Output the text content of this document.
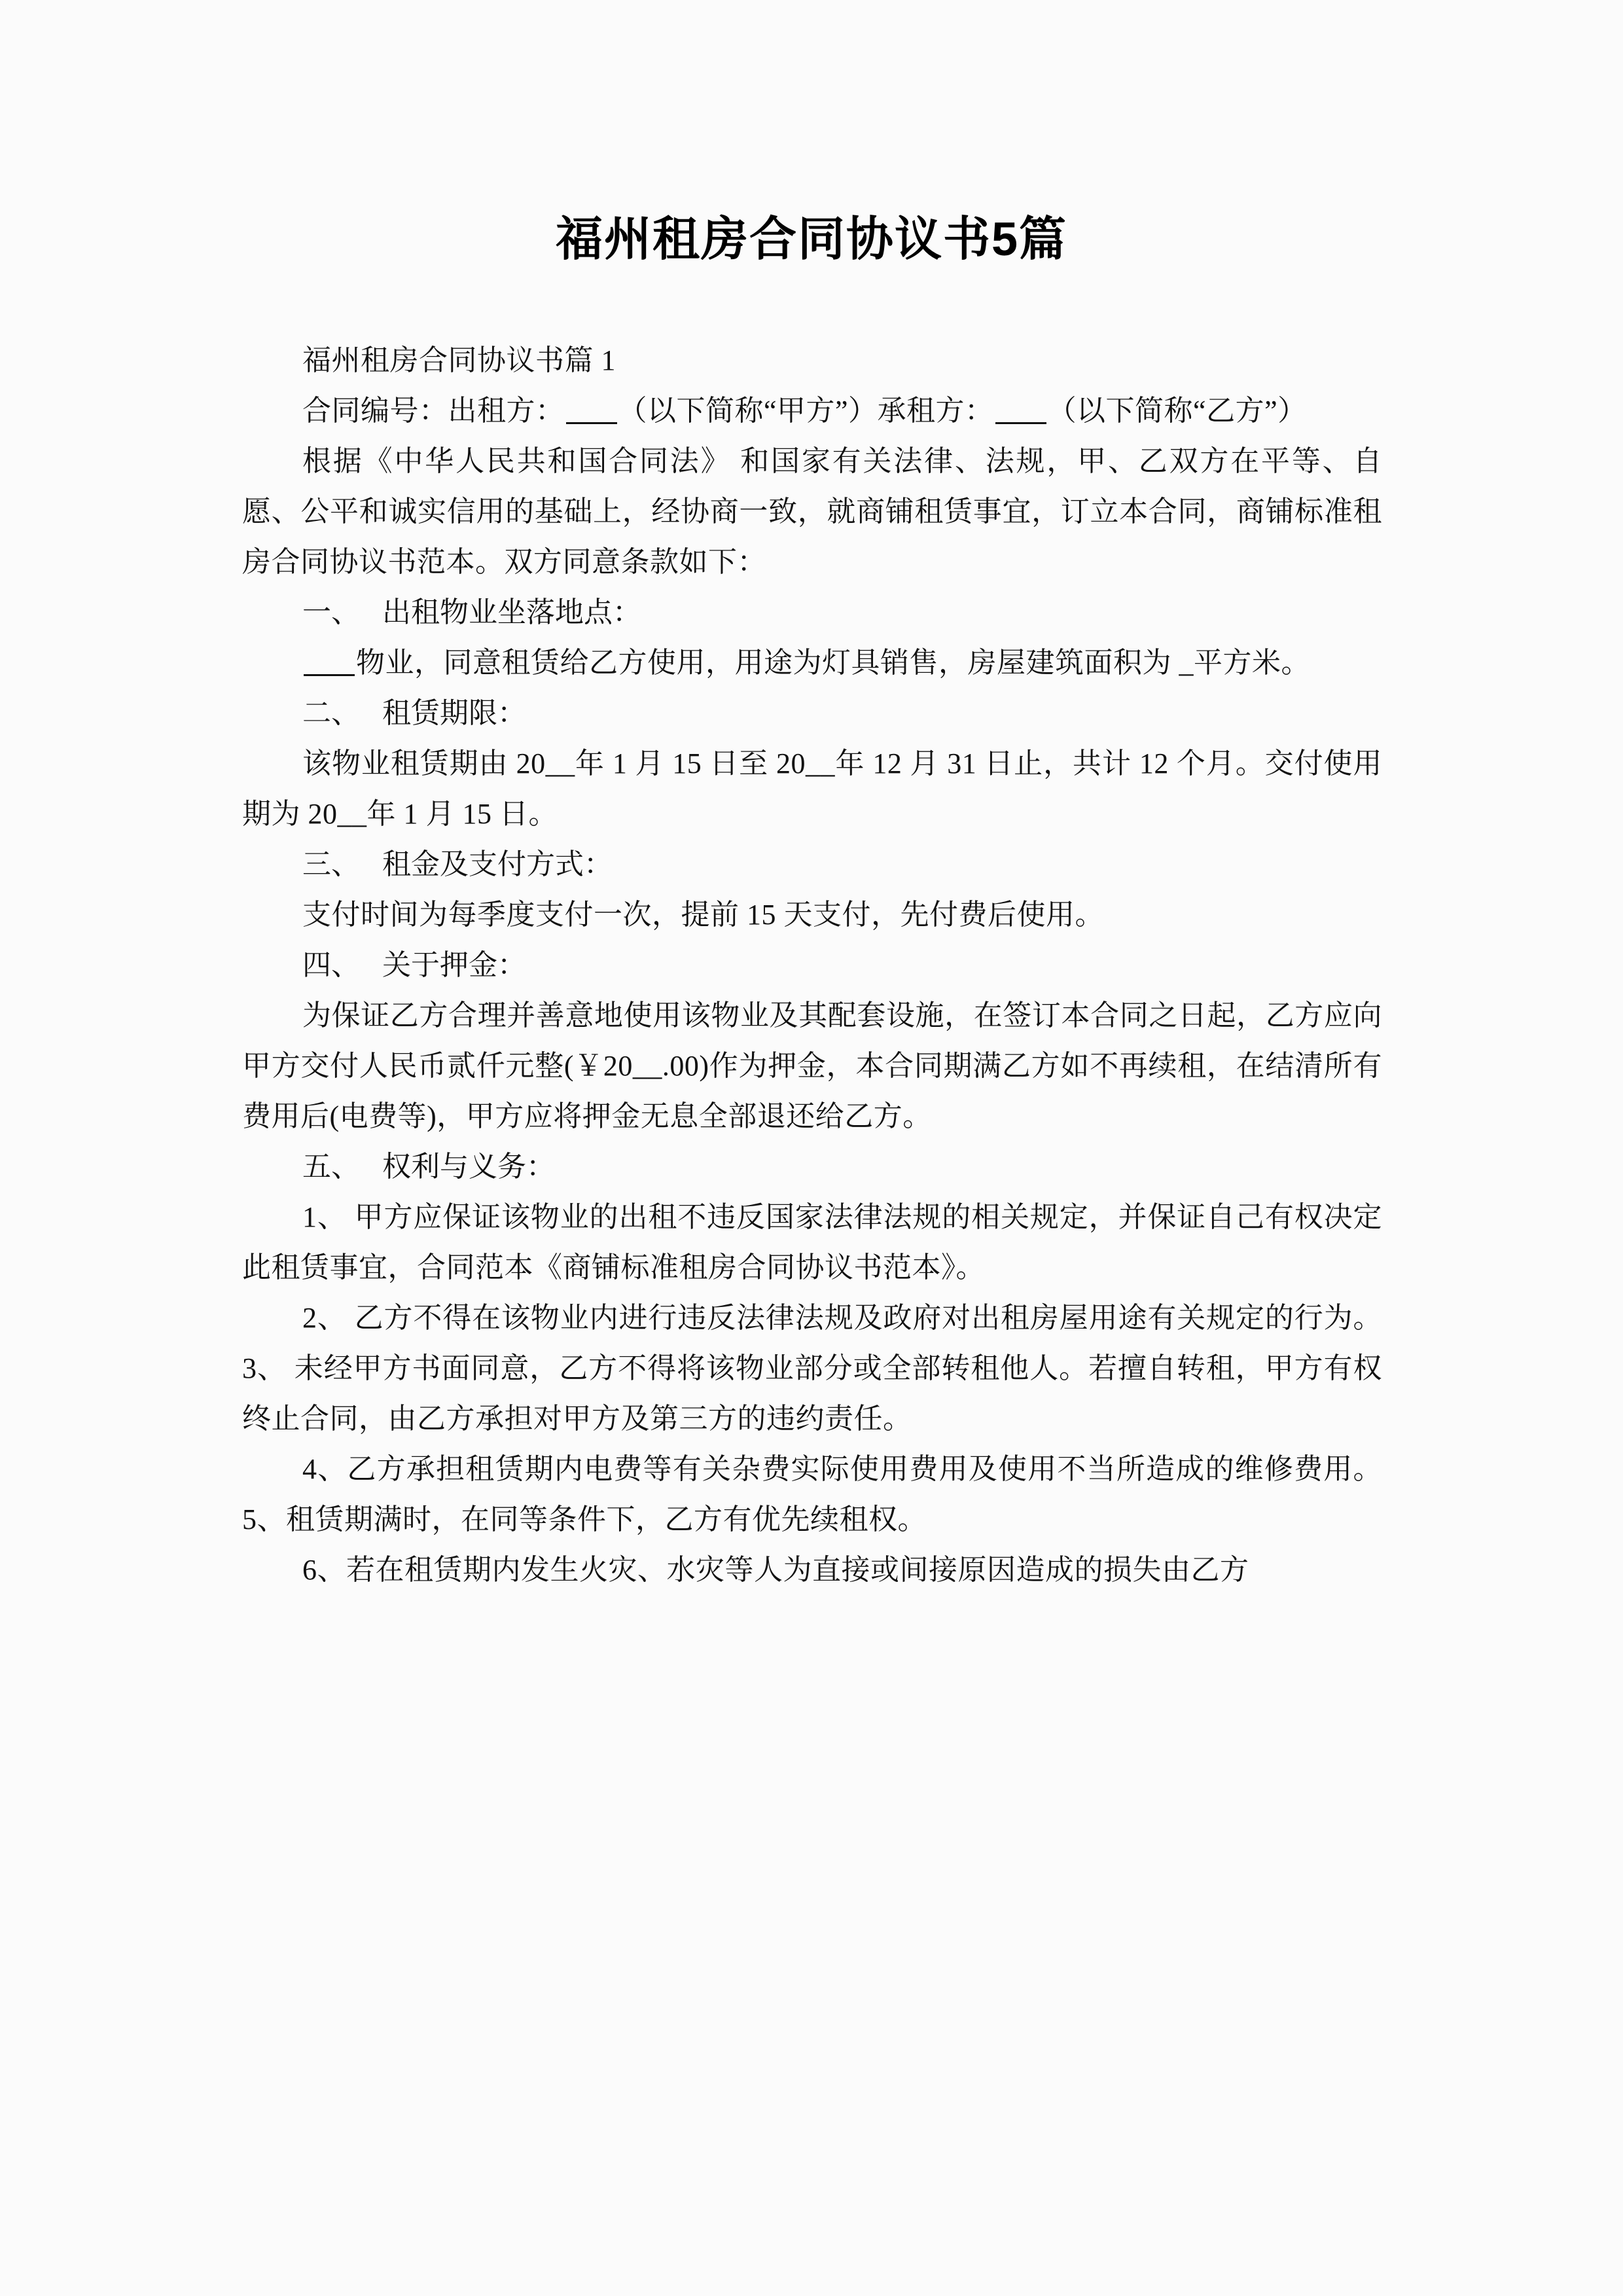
福州租房合同协议书5篇

福州租房合同协议书篇 1

合同编号：出租方： （以下简称“甲方”）承租方： （以下简称“乙方”）

根据《中华人民共和国合同法》 和国家有关法律、法规，甲、乙双方在平等、自愿、公平和诚实信用的基础上，经协商一致，就商铺租赁事宜，订立本合同，商铺标准租房合同协议书范本。双方同意条款如下：

一、 出租物业坐落地点：

物业，同意租赁给乙方使用，用途为灯具销售，房屋建筑面积为 _平方米。

二、 租赁期限：

该物业租赁期由 20__年 1 月 15 日至 20__年 12 月 31 日止，共计 12 个月。交付使用期为 20__年 1 月 15 日。

三、 租金及支付方式：

支付时间为每季度支付一次，提前 15 天支付，先付费后使用。

四、 关于押金：

为保证乙方合理并善意地使用该物业及其配套设施，在签订本合同之日起，乙方应向甲方交付人民币贰仟元整(￥20__.00)作为押金，本合同期满乙方如不再续租，在结清所有费用后(电费等)，甲方应将押金无息全部退还给乙方。

五、 权利与义务：

1、 甲方应保证该物业的出租不违反国家法律法规的相关规定，并保证自己有权决定此租赁事宜，合同范本《商铺标准租房合同协议书范本》。

2、 乙方不得在该物业内进行违反法律法规及政府对出租房屋用途有关规定的行为。 3、 未经甲方书面同意，乙方不得将该物业部分或全部转租他人。若擅自转租，甲方有权终止合同，由乙方承担对甲方及第三方的违约责任。

4、乙方承担租赁期内电费等有关杂费实际使用费用及使用不当所造成的维修费用。 5、租赁期满时，在同等条件下，乙方有优先续租权。

6、若在租赁期内发生火灾、水灾等人为直接或间接原因造成的损失由乙方
